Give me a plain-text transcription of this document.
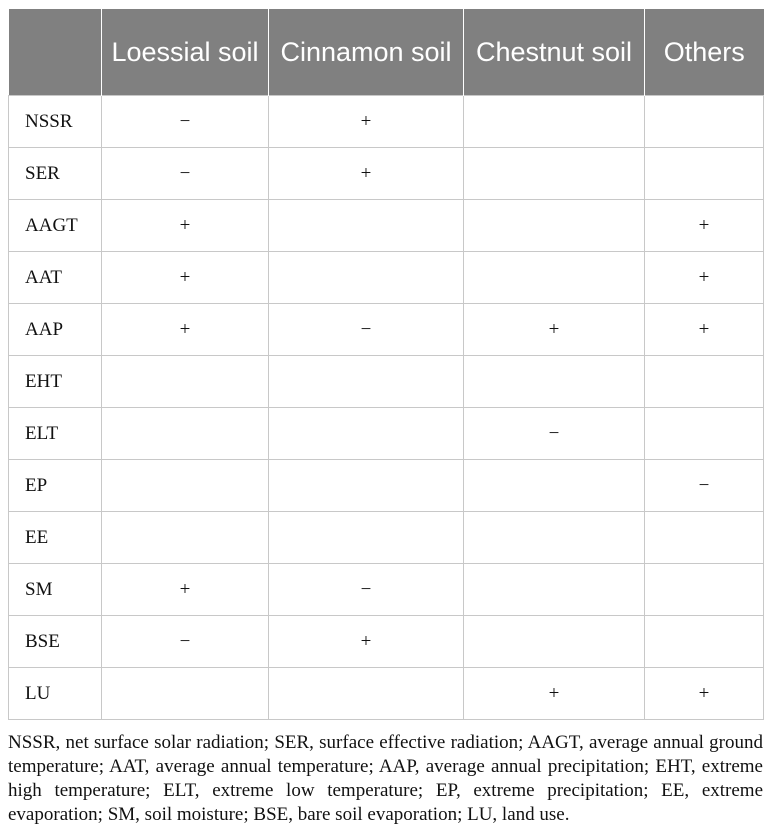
	Loessial soil	Cinnamon soil	Chestnut soil	Others
NSSR	−	+		
SER	−	+		
AAGT	+			+
AAT	+			+
AAP	+	−	+	+
EHT				
ELT			−	
EP				−
EE				
SM	+	−		
BSE	−	+		
LU			+	+

NSSR, net surface solar radiation; SER, surface effective radiation; AAGT, average annual ground temperature; AAT, average annual temperature; AAP, average annual precipitation; EHT, extreme high temperature; ELT, extreme low temperature; EP, extreme precipitation; EE, extreme evaporation; SM, soil moisture; BSE, bare soil evaporation; LU, land use.
